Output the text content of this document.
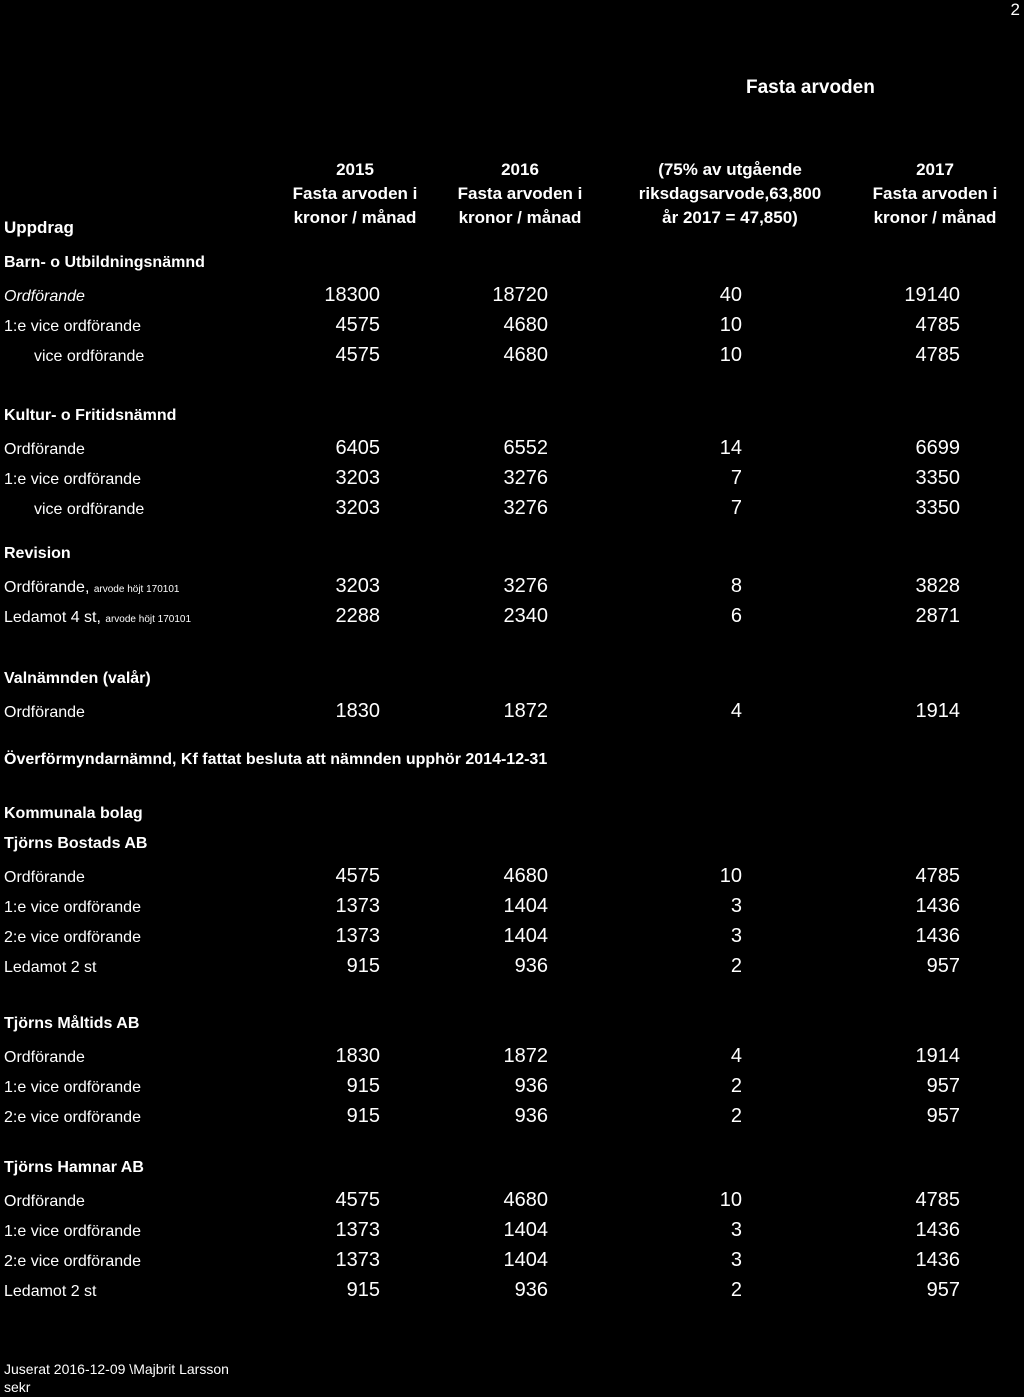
2
Fasta arvoden
Uppdrag
2015
Fasta arvoden i
kronor / månad
2016
Fasta arvoden i
kronor / månad
(75% av utgående
riksdagsarvode,63,800
år 2017 = 47,850)
2017
Fasta arvoden i
kronor / månad
Barn- o Utbildningsnämnd
Ordförande	18300	18720	40	19140
1:e vice ordförande	4575	4680	10	4785
vice ordförande	4575	4680	10	4785
Kultur- o Fritidsnämnd
Ordförande	6405	6552	14	6699
1:e vice ordförande	3203	3276	7	3350
vice ordförande	3203	3276	7	3350
Revision
Ordförande, arvode höjt 170101	3203	3276	8	3828
Ledamot 4 st, arvode höjt 170101	2288	2340	6	2871
Valnämnden (valår)
Ordförande	1830	1872	4	1914
Överförmyndarnämnd, Kf fattat besluta att nämnden upphör 2014-12-31
Kommunala bolag
Tjörns Bostads AB
Ordförande	4575	4680	10	4785
1:e vice ordförande	1373	1404	3	1436
2:e vice ordförande	1373	1404	3	1436
Ledamot 2 st	915	936	2	957
Tjörns Måltids AB
Ordförande	1830	1872	4	1914
1:e vice ordförande	915	936	2	957
2:e vice ordförande	915	936	2	957
Tjörns Hamnar AB
Ordförande	4575	4680	10	4785
1:e vice ordförande	1373	1404	3	1436
2:e vice ordförande	1373	1404	3	1436
Ledamot 2 st	915	936	2	957
Juserat 2016-12-09 \Majbrit Larsson
sekr
